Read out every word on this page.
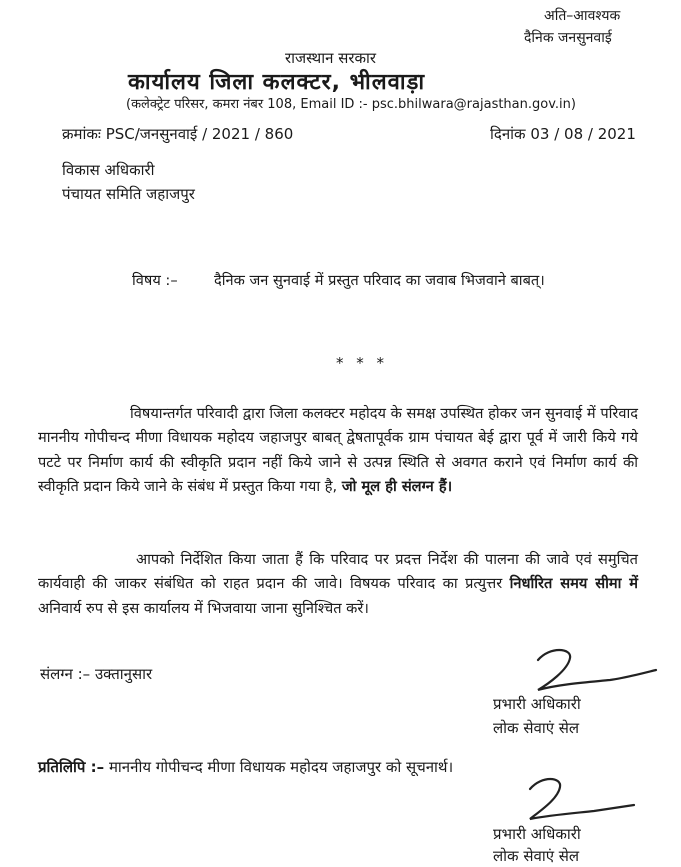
अति–आवश्यक
दैनिक जनसुनवाई
राजस्थान सरकार
कार्यालय जिला कलक्टर, भीलवाड़ा
(कलेक्ट्रेट परिसर, कमरा नंबर 108, Email ID :- psc.bhilwara@rajasthan.gov.in)
क्रमांकः PSC/जनसुनवाई / 2021 / 860	दिनांक 03 / 08 / 2021
विकास अधिकारी
पंचायत समिति जहाजपुर
विषय :– दैनिक जन सुनवाई में प्रस्तुत परिवाद का जवाब भिजवाने बाबत्।
* * *
विषयान्तर्गत परिवादी द्वारा जिला कलक्टर महोदय के समक्ष उपस्थित होकर जन सुनवाई में परिवाद माननीय गोपीचन्द मीणा विधायक महोदय जहाजपुर बाबत् द्वेषतापूर्वक ग्राम पंचायत बेई द्वारा पूर्व में जारी किये गये पटटे पर निर्माण कार्य की स्वीकृति प्रदान नहीं किये जाने से उत्पन्न स्थिति से अवगत कराने एवं निर्माण कार्य की स्वीकृति प्रदान किये जाने के संबंध में प्रस्तुत किया गया है, जो मूल ही संलग्न हैं।
आपको निर्देशित किया जाता हैं कि परिवाद पर प्रदत्त निर्देश की पालना की जावे एवं समुचित कार्यवाही की जाकर संबंधित को राहत प्रदान की जावे। विषयक परिवाद का प्रत्युत्तर निर्धारित समय सीमा में अनिवार्य रुप से इस कार्यालय में भिजवाया जाना सुनिश्चित करें।
संलग्न :– उक्तानुसार
प्रभारी अधिकारी
लोक सेवाएं सेल
प्रतिलिपि :– माननीय गोपीचन्द मीणा विधायक महोदय जहाजपुर को सूचनार्थ।
प्रभारी अधिकारी
लोक सेवाएं सेल
